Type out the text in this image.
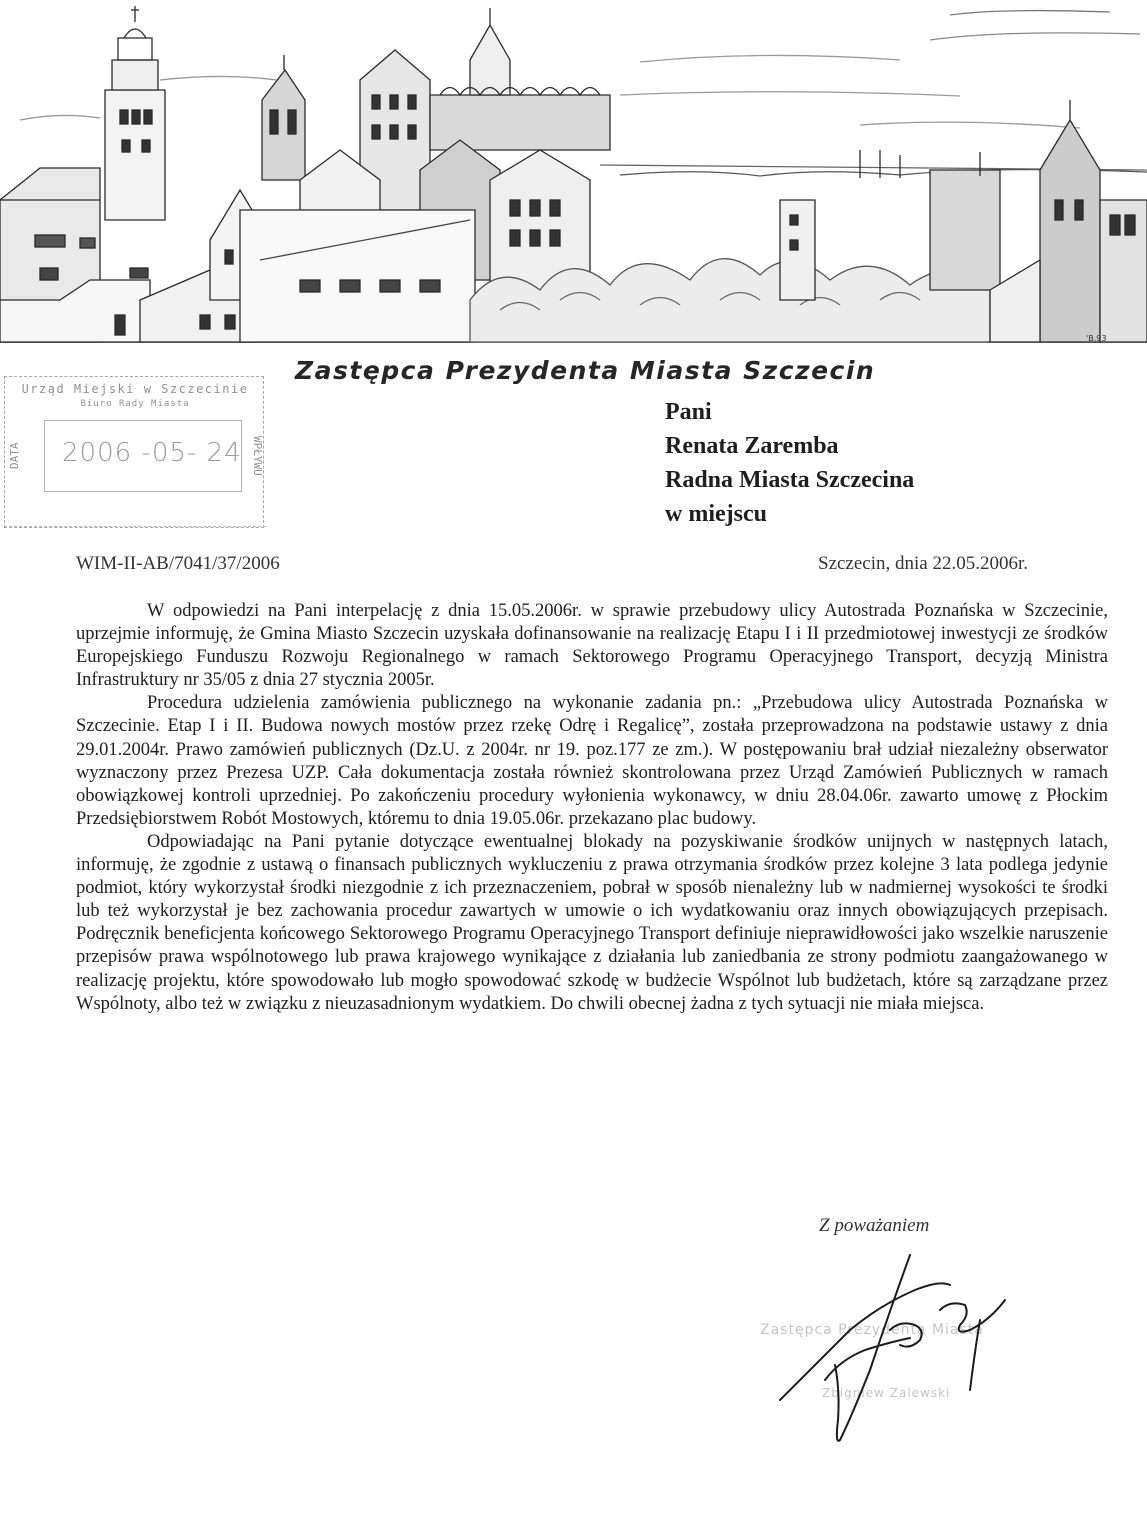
'B.93
Zastępca Prezydenta Miasta Szczecin
Urząd Miejski w Szczecinie
Biuro Rady Miasta
DATA	2006 -05- 24 WPŁYWU
Pani
Renata Zaremba
Radna Miasta Szczecina
w miejscu
WIM-II-AB/7041/37/2006	Szczecin, dnia 22.05.2006r.

W odpowiedzi na Pani interpelację z dnia 15.05.2006r. w sprawie przebudowy ulicy Autostrada Poznańska w Szczecinie, uprzejmie informuję, że Gmina Miasto Szczecin uzyskała dofinansowanie na realizację Etapu I i II przedmiotowej inwestycji ze środków Europejskiego Funduszu Rozwoju Regionalnego w ramach Sektorowego Programu Operacyjnego Transport, decyzją Ministra Infrastruktury nr 35/05 z dnia 27 stycznia 2005r.

Procedura udzielenia zamówienia publicznego na wykonanie zadania pn.: „Przebudowa ulicy Autostrada Poznańska w Szczecinie. Etap I i II. Budowa nowych mostów przez rzekę Odrę i Regalicę”, została przeprowadzona na podstawie ustawy z dnia 29.01.2004r. Prawo zamówień publicznych (Dz.U. z 2004r. nr 19. poz.177 ze zm.). W postępowaniu brał udział niezależny obserwator wyznaczony przez Prezesa UZP. Cała dokumentacja została również skontrolowana przez Urząd Zamówień Publicznych w ramach obowiązkowej kontroli uprzedniej. Po zakończeniu procedury wyłonienia wykonawcy, w dniu 28.04.06r. zawarto umowę z Płockim Przedsiębiorstwem Robót Mostowych, któremu to dnia 19.05.06r. przekazano plac budowy.

Odpowiadając na Pani pytanie dotyczące ewentualnej blokady na pozyskiwanie środków unijnych w następnych latach, informuję, że zgodnie z ustawą o finansach publicznych wykluczeniu z prawa otrzymania środków przez kolejne 3 lata podlega jedynie podmiot, który wykorzystał środki niezgodnie z ich przeznaczeniem, pobrał w sposób nienależny lub w nadmiernej wysokości te środki lub też wykorzystał je bez zachowania procedur zawartych w umowie o ich wydatkowaniu oraz innych obowiązujących przepisach. Podręcznik beneficjenta końcowego Sektorowego Programu Operacyjnego Transport definiuje nieprawidłowości jako wszelkie naruszenie przepisów prawa wspólnotowego lub prawa krajowego wynikające z działania lub zaniedbania ze strony podmiotu zaangażowanego w realizację projektu, które spowodowało lub mogło spowodować szkodę w budżecie Wspólnot lub budżetach, które są zarządzane przez Wspólnoty, albo też w związku z nieuzasadnionym wydatkiem. Do chwili obecnej żadna z tych sytuacji nie miała miejsca.

Z poważaniem
Zastępca Prezydenta Miasta
Zbigniew Zalewski
